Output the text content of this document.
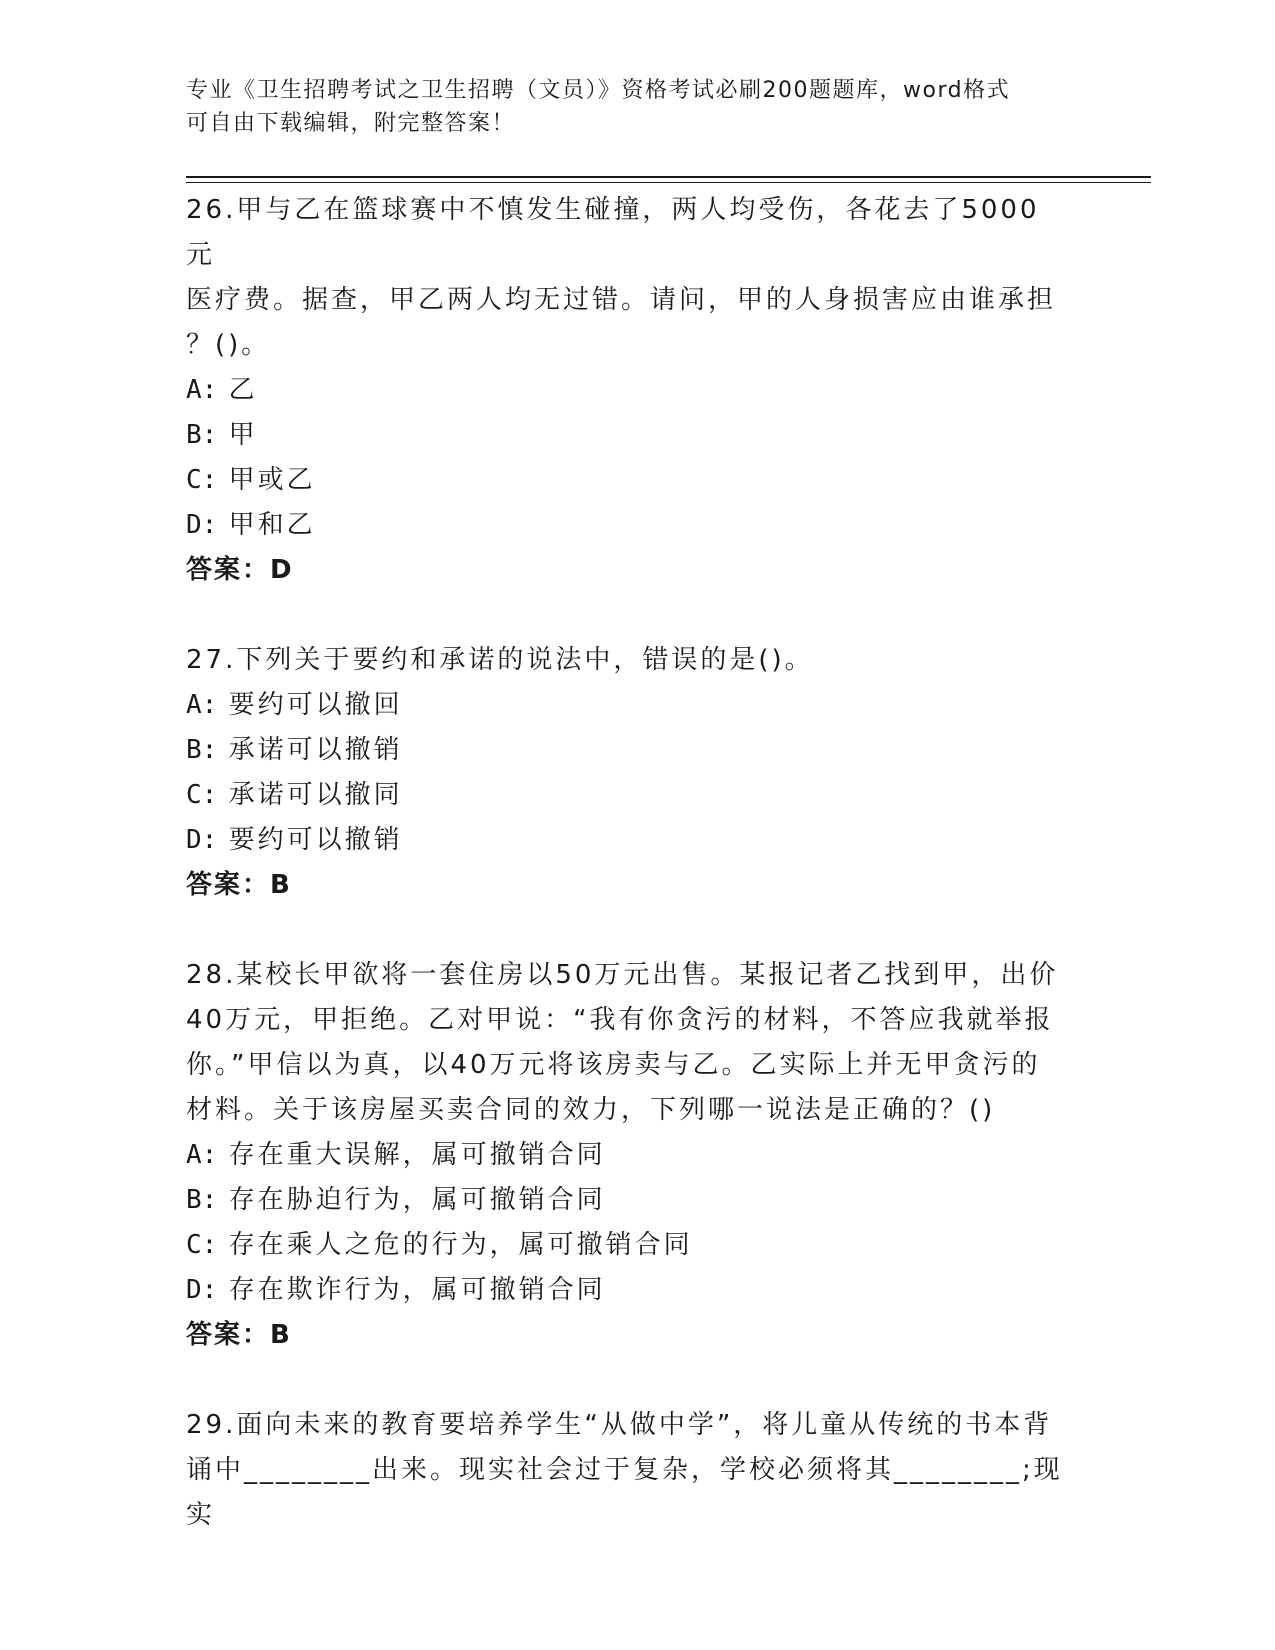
专业《卫生招聘考试之卫生招聘（文员）》资格考试必刷200题题库，word格式
可自由下载编辑，附完整答案！
26.甲与乙在篮球赛中不慎发生碰撞，两人均受伤，各花去了5000元
医疗费。据查，甲乙两人均无过错。请问，甲的人身损害应由谁承担
？()。
A: 乙
B: 甲
C: 甲或乙
D: 甲和乙
答案：D
27.下列关于要约和承诺的说法中，错误的是()。
A: 要约可以撤回
B: 承诺可以撤销
C: 承诺可以撤同
D: 要约可以撤销
答案：B
28.某校长甲欲将一套住房以50万元出售。某报记者乙找到甲，出价
40万元，甲拒绝。乙对甲说：“我有你贪污的材料，不答应我就举报
你。”甲信以为真，以40万元将该房卖与乙。乙实际上并无甲贪污的
材料。关于该房屋买卖合同的效力，下列哪一说法是正确的？()
A: 存在重大误解，属可撤销合同
B: 存在胁迫行为，属可撤销合同
C: 存在乘人之危的行为，属可撤销合同
D: 存在欺诈行为，属可撤销合同
答案：B
29.面向未来的教育要培养学生“从做中学”，将儿童从传统的书本背
诵中________出来。现实社会过于复杂，学校必须将其________;现实
